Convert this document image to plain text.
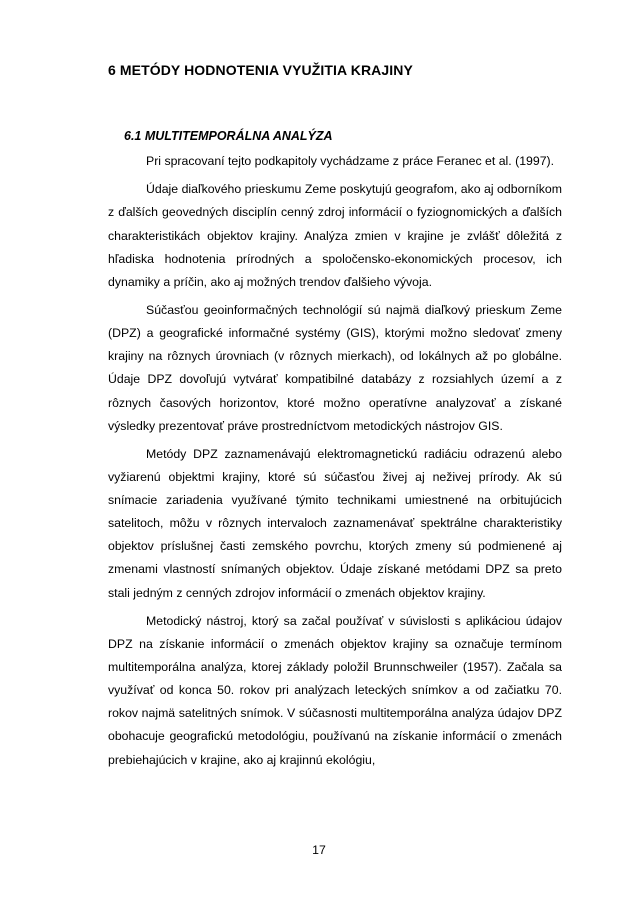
6 METÓDY HODNOTENIA VYUŽITIA KRAJINY
6.1 MULTITEMPORÁLNA ANALÝZA

Pri spracovaní tejto podkapitoly vychádzame z práce Feranec et al. (1997).

Údaje diaľkového prieskumu Zeme poskytujú geografom, ako aj odborníkom z ďalších geovedných disciplín cenný zdroj informácií o fyziognomických a ďalších charakteristikách objektov krajiny. Analýza zmien v krajine je zvlášť dôležitá z hľadiska hodnotenia prírodných a spoločensko-ekonomických procesov, ich dynamiky a príčin, ako aj možných trendov ďalšieho vývoja.

Súčasťou geoinformačných technológií sú najmä diaľkový prieskum Zeme (DPZ) a geografické informačné systémy (GIS), ktorými možno sledovať zmeny krajiny na rôznych úrovniach (v rôznych mierkach), od lokálnych až po globálne. Údaje DPZ dovoľujú vytvárať kompatibilné databázy z rozsiahlych území a z rôznych časových horizontov, ktoré možno operatívne analyzovať a získané výsledky prezentovať práve prostredníctvom metodických nástrojov GIS.

Metódy DPZ zaznamenávajú elektromagnetickú radiáciu odrazenú alebo vyžiarenú objektmi krajiny, ktoré sú súčasťou živej aj neživej prírody. Ak sú snímacie zariadenia využívané týmito technikami umiestnené na orbitujúcich satelitoch, môžu v rôznych intervaloch zaznamenávať spektrálne charakteristiky objektov príslušnej časti zemského povrchu, ktorých zmeny sú podmienené aj zmenami vlastností snímaných objektov. Údaje získané metódami DPZ sa preto stali jedným z cenných zdrojov informácií o zmenách objektov krajiny.

Metodický nástroj, ktorý sa začal používať v súvislosti s aplikáciou údajov DPZ na získanie informácií o zmenách objektov krajiny sa označuje termínom multitemporálna analýza, ktorej základy položil Brunnschweiler (1957). Začala sa využívať od konca 50. rokov pri analýzach leteckých snímkov a od začiatku 70. rokov najmä satelitných snímok. V súčasnosti multitemporálna analýza údajov DPZ obohacuje geografickú metodológiu, používanú na získanie informácií o zmenách prebiehajúcich v krajine, ako aj krajinnú ekológiu,

17
